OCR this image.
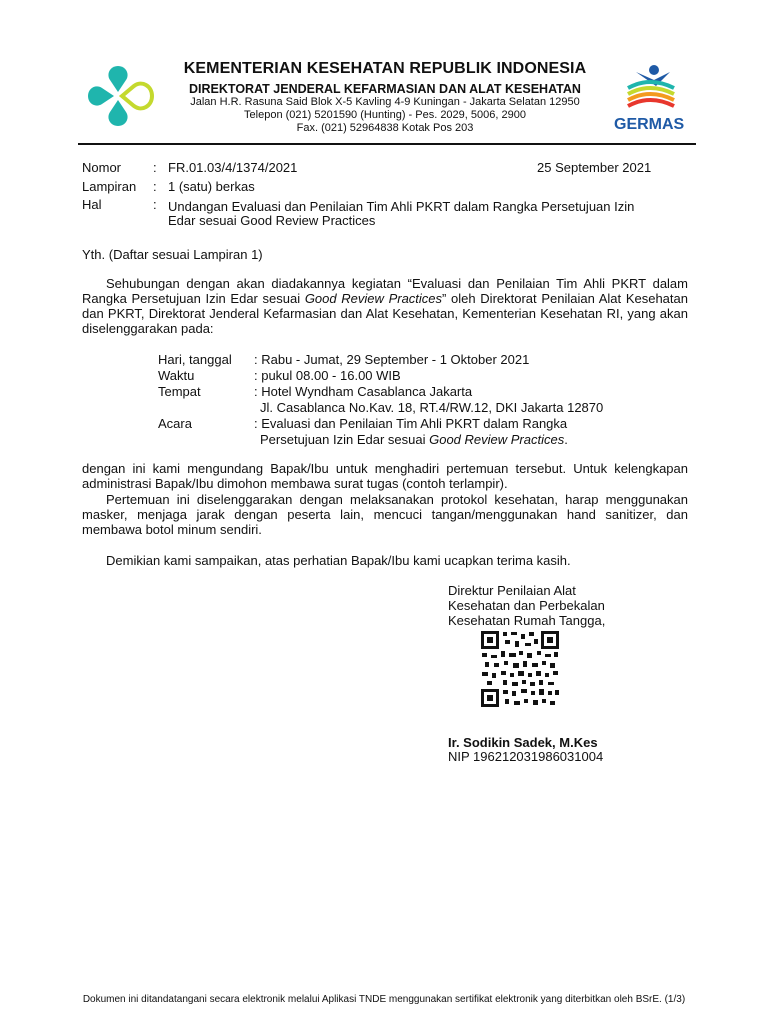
KEMENTERIAN KESEHATAN REPUBLIK INDONESIA
DIREKTORAT JENDERAL KEFARMASIAN DAN ALAT KESEHATAN
Jalan H.R. Rasuna Said Blok X-5 Kavling 4-9 Kuningan - Jakarta Selatan 12950
Telepon (021) 5201590 (Hunting) - Pes. 2029, 5006, 2900
Fax. (021) 52964838 Kotak Pos 203	GERMAS
Nomor : FR.01.03/4/1374/2021	25 September 2021
Lampiran : 1 (satu) berkas
Hal	: Undangan Evaluasi dan Penilaian Tim Ahli PKRT dalam Rangka Persetujuan Izin
Edar sesuai Good Review Practices
Yth. (Daftar sesuai Lampiran 1)
Sehubungan dengan akan diadakannya kegiatan “Evaluasi dan Penilaian Tim Ahli PKRT dalam Rangka Persetujuan Izin Edar sesuai Good Review Practices” oleh Direktorat Penilaian Alat Kesehatan dan PKRT, Direktorat Jenderal Kefarmasian dan Alat Kesehatan, Kementerian Kesehatan RI, yang akan diselenggarakan pada:
Hari, tanggal : Rabu - Jumat, 29 September - 1 Oktober 2021
Waktu	: pukul 08.00 - 16.00 WIB
Tempat	: Hotel Wyndham Casablanca Jakarta
Jl. Casablanca No.Kav. 18, RT.4/RW.12, DKI Jakarta 12870
Acara	: Evaluasi dan Penilaian Tim Ahli PKRT dalam Rangka
Persetujuan Izin Edar sesuai Good Review Practices.
dengan ini kami mengundang Bapak/Ibu untuk menghadiri pertemuan tersebut. Untuk kelengkapan administrasi Bapak/Ibu dimohon membawa surat tugas (contoh terlampir).
Pertemuan ini diselenggarakan dengan melaksanakan protokol kesehatan, harap menggunakan masker, menjaga jarak dengan peserta lain, mencuci tangan/menggunakan hand sanitizer, dan membawa botol minum sendiri.
Demikian kami sampaikan, atas perhatian Bapak/Ibu kami ucapkan terima kasih.
Direktur Penilaian Alat
Kesehatan dan Perbekalan
Kesehatan Rumah Tangga,
Ir. Sodikin Sadek, M.Kes
NIP 196212031986031004
Dokumen ini ditandatangani secara elektronik melalui Aplikasi TNDE menggunakan sertifikat elektronik yang diterbitkan oleh BSrE. (1/3)
